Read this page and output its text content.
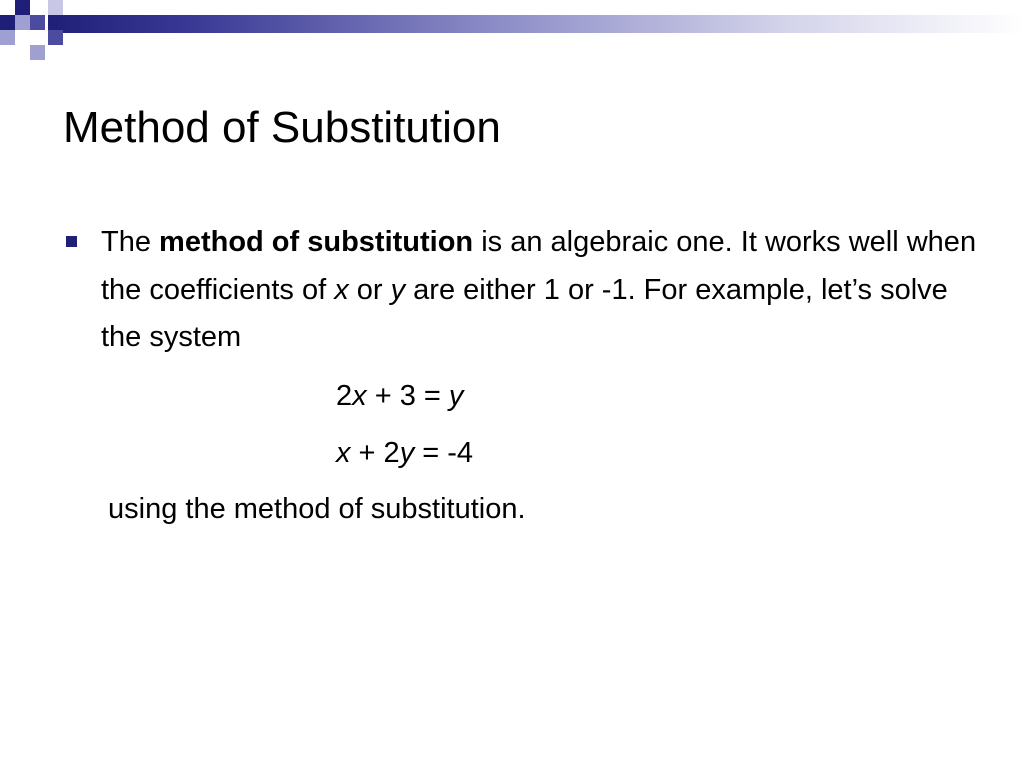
Method of Substitution

The method of substitution is an algebraic one. It works well when the coefficients of x or y are either 1 or -1. For example, let’s solve the system

2x + 3 = y
x + 2y = -4

using the method of substitution.
